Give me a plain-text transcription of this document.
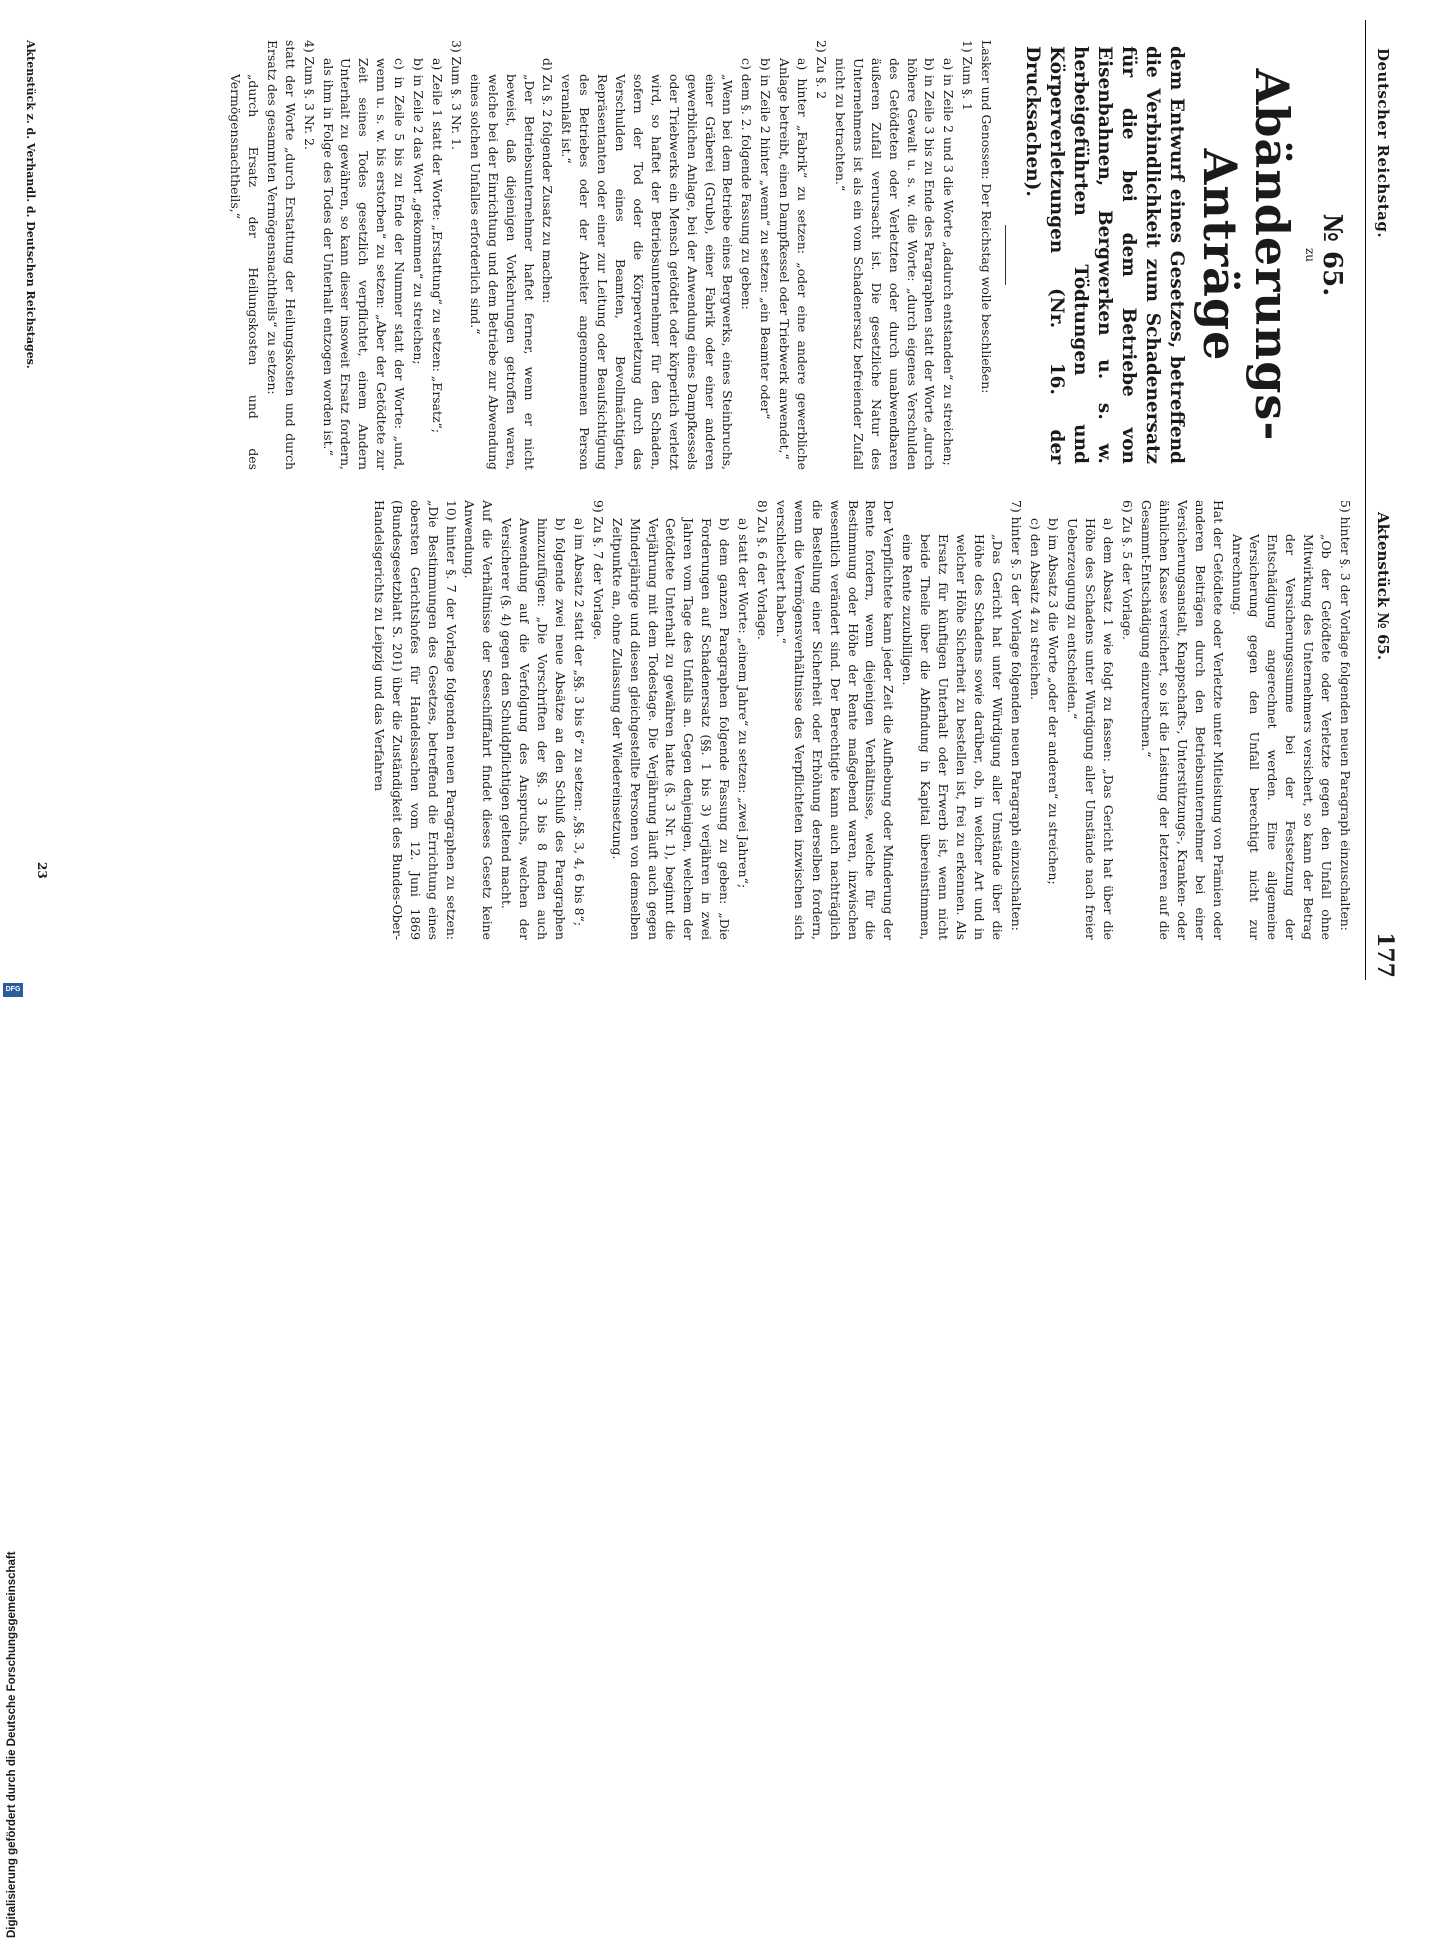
Deutscher Reichstag.
Aktenstück № 65.
177
№ 65.
zu
Abänderungs-Anträge
dem Entwurf eines Gesetzes, betreffend die Verbindlichkeit zum Schadenersatz für die bei dem Betriebe von Eisenbahnen, Bergwerken u. s. w. herbeigeführten Tödtungen und Körperverletzungen (Nr. 16. der Drucksachen).

Lasker und Genossen: Der Reichstag wolle beschließen:

1) Zum §. 1

a) in Zeile 2 und 3 die Worte „dadurch entstanden“ zu streichen;

b) in Zeile 3 bis zu Ende des Paragraphen statt der Worte „durch höhere Gewalt u. s. w. die Worte: „durch eigenes Verschulden des Getödteten oder Verletzten oder durch unabwendbaren äußeren Zufall verursacht ist. Die gesetzliche Natur des Unternehmens ist als ein vom Schadenersatz befreiender Zufall nicht zu betrachten.“

2) Zu §. 2

a) hinter „Fabrik“ zu setzen: „oder eine andere gewerbliche Anlage betreibt, einen Dampfkessel oder Triebwerk anwendet,“

b) in Zeile 2 hinter „wenn“ zu setzen: „ein Beamter oder“

c) dem §. 2. folgende Fassung zu geben:

„Wenn bei dem Betriebe eines Bergwerks, eines Steinbruchs, einer Gräberei (Grube), einer Fabrik oder einer anderen gewerblichen Anlage, bei der Anwendung eines Dampfkessels oder Triebwerks ein Mensch getödtet oder körperlich verletzt wird, so haftet der Betriebsunternehmer für den Schaden, sofern der Tod oder die Körperverletzung durch das Verschulden eines Beamten, Bevollmächtigten, Repräsentanten oder einer zur Leitung oder Beaufsichtigung des Betriebes oder der Arbeiter angenommenen Person veranlaßt ist.“

d) Zu §. 2 folgender Zusatz zu machen:

„Der Betriebsunternehmer haftet ferner, wenn er nicht beweist, daß diejenigen Vorkehrungen getroffen waren, welche bei der Einrichtung und dem Betriebe zur Abwendung eines solchen Unfalles erforderlich sind.“

3) Zum §. 3 Nr. 1.

a) Zeile 1 statt der Worte: „Erstattung“ zu setzen: „Ersatz“;

b) in Zeile 2 das Wort „gekommen“ zu streichen;

c) in Zeile 5 bis zu Ende der Nummer statt der Worte: „und, wenn u. s. w. bis erstorben“ zu setzen: „Aber der Getödtete zur Zeit seines Todes gesetzlich verpflichtet, einem Andern Unterhalt zu gewähren, so kann dieser insoweit Ersatz fordern, als ihm in Folge des Todes der Unterhalt entzogen worden ist.“

4) Zum §. 3 Nr. 2.

statt der Worte „durch Erstattung der Heilungskosten und durch Ersatz des gesammten Vermögensnachtheils“ zu setzen:

„durch Ersatz der Heilungskosten und des Vermögensnachtheils,“

5) hinter §. 3 der Vorlage folgenden neuen Paragraph einzuschalten:

„Ob der Getödtete oder Verletzte gegen den Unfall ohne Mitwirkung des Unternehmers versichert, so kann der Betrag der Versicherungssumme bei der Festsetzung der Entschädigung angerechnet werden. Eine allgemeine Versicherung gegen den Unfall berechtigt nicht zur Anrechnung.

Hat der Getödtete oder Verletzte unter Mitleistung von Prämien oder anderen Beiträgen durch den Betriebsunternehmer bei einer Versicherungsanstalt, Knappschafts-, Unterstützungs-, Kranken- oder ähnlichen Kasse versichert, so ist die Leistung der letzteren auf die Gesammt-Entschädigung einzurechnen.“

6) Zu §. 5 der Vorlage.

a) dem Absatz 1 wie folgt zu fassen: „Das Gericht hat über die Höhe des Schadens unter Würdigung aller Umstände nach freier Ueberzeugung zu entscheiden.“

b) im Absatz 3 die Worte „oder der anderen“ zu streichen;

c) den Absatz 4 zu streichen.

7) hinter §. 5 der Vorlage folgenden neuen Paragraph einzuschalten:

„Das Gericht hat unter Würdigung aller Umstände über die Höhe des Schadens sowie darüber, ob, in welcher Art und in welcher Höhe Sicherheit zu bestellen ist, frei zu erkennen. Als Ersatz für künftigen Unterhalt oder Erwerb ist, wenn nicht beide Theile über die Abfindung in Kapital übereinstimmen, eine Rente zuzubilligen.

Der Verpflichtete kann jeder Zeit die Aufhebung oder Minderung der Rente fordern, wenn diejenigen Verhältnisse, welche für die Bestimmung oder Höhe der Rente maßgebend waren, inzwischen wesentlich verändert sind. Der Berechtigte kann auch nachträglich die Bestellung einer Sicherheit oder Erhöhung derselben fordern, wenn die Vermögensverhältnisse des Verpflichteten inzwischen sich verschlechtert haben.“

8) Zu §. 6 der Vorlage.

a) statt der Worte: „einem Jahre“ zu setzen: „zwei Jahren“;

b) dem ganzen Paragraphen folgende Fassung zu geben: „Die Forderungen auf Schadenersatz (§§. 1 bis 3) verjähren in zwei Jahren vom Tage des Unfalls an. Gegen denjenigen, welchem der Getödtete Unterhalt zu gewähren hatte (§. 3 Nr. 1), beginnt die Verjährung mit dem Todestage. Die Verjährung läuft auch gegen Minderjährige und diesen gleichgestellte Personen von demselben Zeitpunkte an, ohne Zulassung der Wiedereinsetzung.

9) Zu §. 7 der Vorlage.

a) im Absatz 2 statt der „§§. 3 bis 6“ zu setzen: „§§. 3, 4, 6 bis 8“;

b) folgende zwei neue Absätze an den Schluß des Paragraphen hinzuzufügen: „Die Vorschriften der §§. 3 bis 8 finden auch Anwendung auf die Verfolgung des Anspruchs, welchen der Versicherer (§. 4) gegen den Schuldpflichtigen geltend macht.

Auf die Verhältnisse der Seeschifffahrt findet dieses Gesetz keine Anwendung.

10) hinter §. 7 der Vorlage folgenden neuen Paragraphen zu setzen: „Die Bestimmungen des Gesetzes, betreffend die Errichtung eines obersten Gerichtshofes für Handelssachen vom 12. Juni 1869 (Bundesgesetzblatt S. 201) über die Zuständigkeit des Bundes-Ober-Handelsgerichts zu Leipzig und das Verfahren

Aktenstück z. d. Verhandl. d. Deutschen Reichstages.
23
Digitalisierung gefördert durch die Deutsche Forschungsgemeinschaft
DFG
